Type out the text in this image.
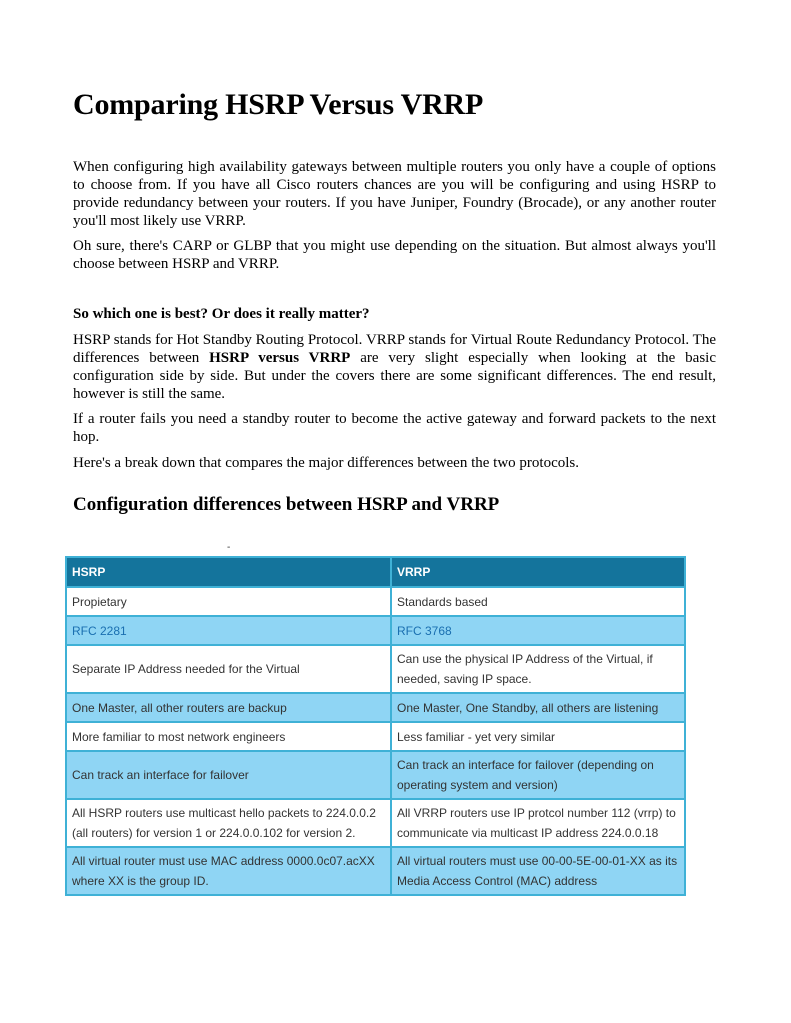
Comparing HSRP Versus VRRP

When configuring high availability gateways between multiple routers you only have a couple of options to choose from. If you have all Cisco routers chances are you will be configuring and using HSRP to provide redundancy between your routers. If you have Juniper, Foundry (Brocade), or any another router you'll most likely use VRRP.

Oh sure, there's CARP or GLBP that you might use depending on the situation. But almost always you'll choose between HSRP and VRRP.

So which one is best? Or does it really matter?

HSRP stands for Hot Standby Routing Protocol. VRRP stands for Virtual Route Redundancy Protocol. The differences between HSRP versus VRRP are very slight especially when looking at the basic configuration side by side. But under the covers there are some significant differences. The end result, however is still the same.

If a router fails you need a standby router to become the active gateway and forward packets to the next hop.

Here's a break down that compares the major differences between the two protocols.

Configuration differences between HSRP and VRRP
-
HSRP	VRRP
Propietary	Standards based
RFC 2281	RFC 3768
Separate IP Address needed for the Virtual	Can use the physical IP Address of the Virtual, if needed, saving IP space.
One Master, all other routers are backup	One Master, One Standby, all others are listening
More familiar to most network engineers	Less familiar - yet very similar
Can track an interface for failover	Can track an interface for failover (depending on operating system and version)
All HSRP routers use multicast hello packets to 224.0.0.2 (all routers) for version 1 or 224.0.0.102 for version 2.	All VRRP routers use IP protcol number 112 (vrrp) to communicate via multicast IP address 224.0.0.18
All virtual router must use MAC address 0000.0c07.acXX where XX is the group ID.	All virtual routers must use 00-00-5E-00-01-XX as its Media Access Control (MAC) address
